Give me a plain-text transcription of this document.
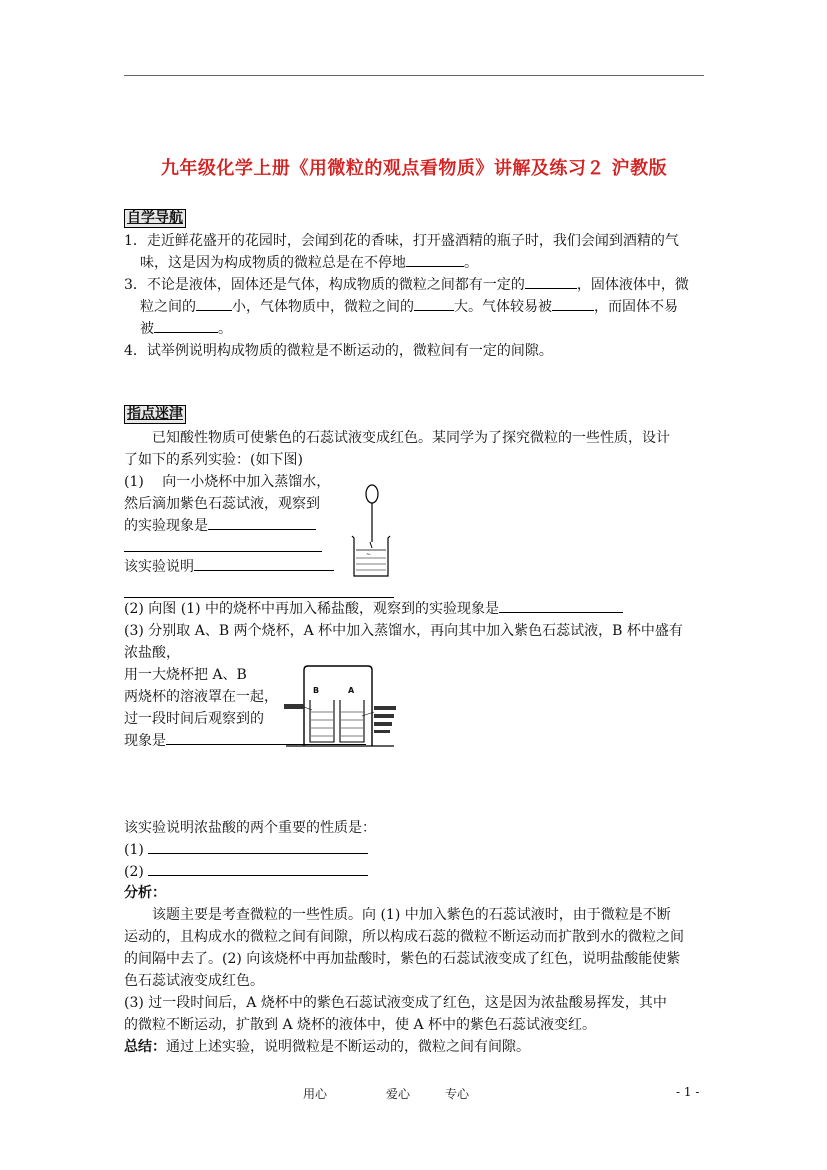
九年级化学上册《用微粒的观点看物质》讲解及练习２ 沪教版
自学导航
1．走近鲜花盛开的花园时，会闻到花的香味，打开盛酒精的瓶子时，我们会闻到酒精的气
味，这是因为构成物质的微粒总是在不停地	。
3．不论是液体，固体还是气体，构成物质的微粒之间都有一定的	，固体液体中，微
粒之间的	小，气体物质中，微粒之间的	大。气体较易被	，而固体不易
被	。
4．试举例说明构成物质的微粒是不断运动的，微粒间有一定的间隙。
指点迷津
已知酸性物质可使紫色的石蕊试液变成红色。某同学为了探究微粒的一些性质，设计
了如下的系列实验：(如下图)
(1)　 向一小烧杯中加入蒸馏水，
然后滴加紫色石蕊试液，观察到
的实验现象是
该实验说明
~
(2) 向图 (1) 中的烧杯中再加入稀盐酸，观察到的实验现象是
(3) 分别取 A、B 两个烧杯，A 杯中加入蒸馏水，再向其中加入紫色石蕊试液，B 杯中盛有
浓盐酸，
用一大烧杯把 A、B
两烧杯的溶液罩在一起，
过一段时间后观察到的
现象是
B	A
该实验说明浓盐酸的两个重要的性质是：
(1)
(2)
分析：
该题主要是考查微粒的一些性质。向 (1) 中加入紫色的石蕊试液时，由于微粒是不断
运动的，且构成水的微粒之间有间隙，所以构成石蕊的微粒不断运动而扩散到水的微粒之间
的间隔中去了。(2) 向该烧杯中再加盐酸时，紫色的石蕊试液变成了红色，说明盐酸能使紫
色石蕊试液变成红色。
(3) 过一段时间后，A 烧杯中的紫色石蕊试液变成了红色，这是因为浓盐酸易挥发，其中
的微粒不断运动，扩散到 A 烧杯的液体中，使 A 杯中的紫色石蕊试液变红。
总结：通过上述实验，说明微粒是不断运动的，微粒之间有间隙。
用心	爱心	专心	- 1 -
